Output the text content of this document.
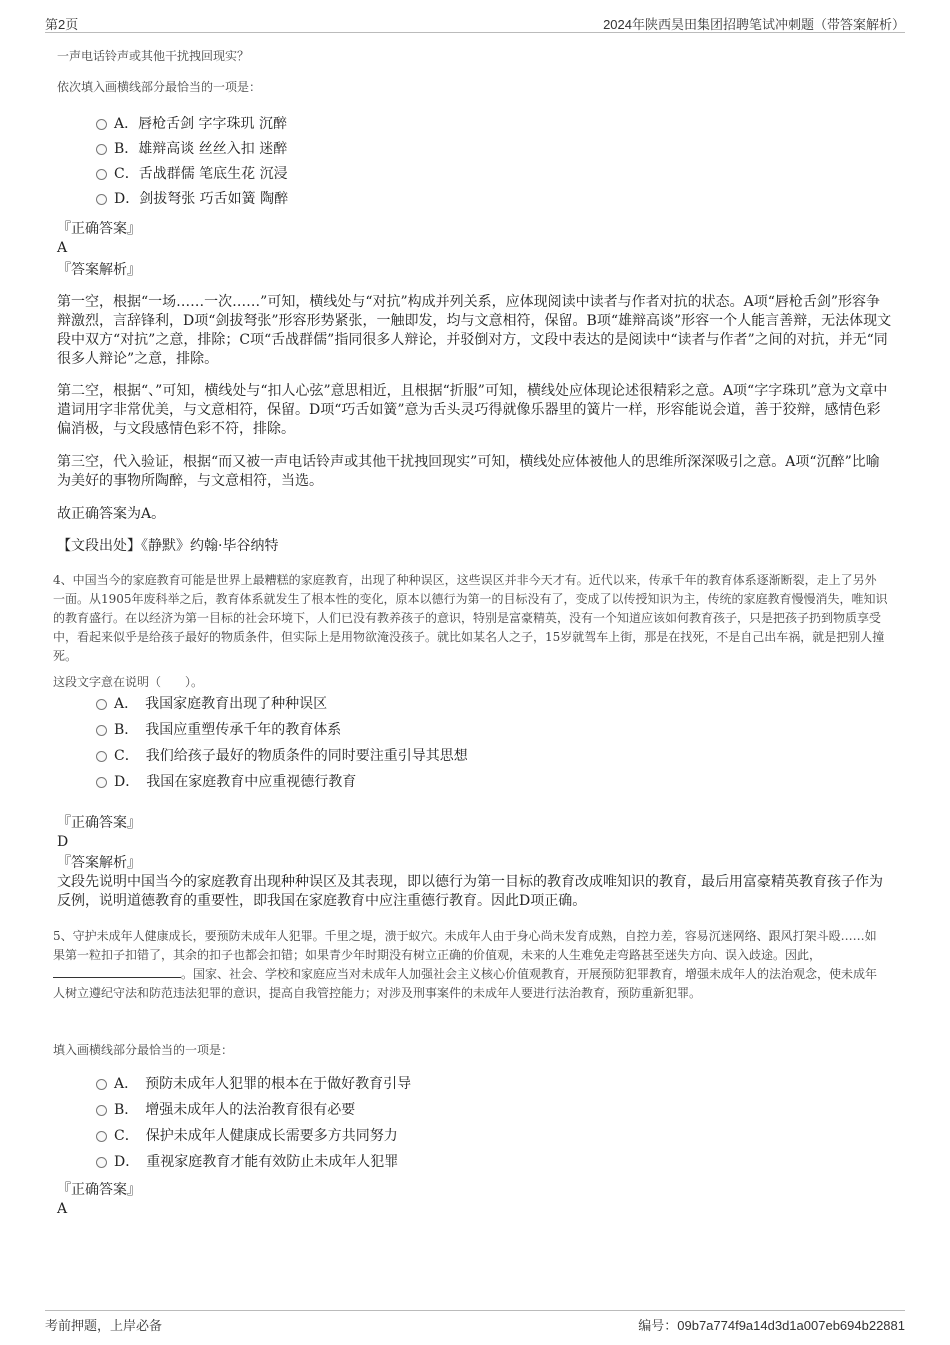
第2页	2024年陕西昊田集团招聘笔试冲刺题（带答案解析）
一声电话铃声或其他干扰拽回现实？
依次填入画横线部分最恰当的一项是：
A．唇枪舌剑 字字珠玑 沉醉
B．雄辩高谈 丝丝入扣 迷醉
C．舌战群儒 笔底生花 沉浸
D．剑拔弩张 巧舌如簧 陶醉
『正确答案』
A
『答案解析』
第一空，根据“一场……一次……”可知，横线处与“对抗”构成并列关系，应体现阅读中读者与作者对抗的状态。A项“唇枪舌剑”形容争辩激烈，言辞锋利，D项“剑拔弩张”形容形势紧张，一触即发，均与文意相符，保留。B项“雄辩高谈”形容一个人能言善辩，无法体现文段中双方“对抗”之意，排除；C项“舌战群儒”指同很多人辩论，并驳倒对方，文段中表达的是阅读中“读者与作者”之间的对抗，并无“同很多人辩论”之意，排除。
第二空，根据“、”可知，横线处与“扣人心弦”意思相近，且根据“折服”可知，横线处应体现论述很精彩之意。A项“字字珠玑”意为文章中遣词用字非常优美，与文意相符，保留。D项“巧舌如簧”意为舌头灵巧得就像乐器里的簧片一样，形容能说会道，善于狡辩，感情色彩偏消极，与文段感情色彩不符，排除。
第三空，代入验证，根据“而又被一声电话铃声或其他干扰拽回现实”可知，横线处应体被他人的思维所深深吸引之意。A项“沉醉”比喻为美好的事物所陶醉，与文意相符，当选。
故正确答案为A。
【文段出处】《静默》约翰·毕谷纳特
4、中国当今的家庭教育可能是世界上最糟糕的家庭教育，出现了种种误区，这些误区并非今天才有。近代以来，传承千年的教育体系逐渐断裂，走上了另外一面。从1905年废科举之后，教育体系就发生了根本性的变化，原本以德行为第一的目标没有了，变成了以传授知识为主，传统的家庭教育慢慢消失，唯知识的教育盛行。在以经济为第一目标的社会环境下，人们已没有教养孩子的意识，特别是富豪精英，没有一个知道应该如何教育孩子，只是把孩子扔到物质享受中，看起来似乎是给孩子最好的物质条件，但实际上是用物欲淹没孩子。就比如某名人之子，15岁就驾车上街，那是在找死，不是自己出车祸，就是把别人撞死。
这段文字意在说明（　　）。
A．　我国家庭教育出现了种种误区
B．　我国应重塑传承千年的教育体系
C．　我们给孩子最好的物质条件的同时要注重引导其思想
D．　我国在家庭教育中应重视德行教育
『正确答案』
D
『答案解析』
文段先说明中国当今的家庭教育出现种种误区及其表现，即以德行为第一目标的教育改成唯知识的教育，最后用富豪精英教育孩子作为反例，说明道德教育的重要性，即我国在家庭教育中应注重德行教育。因此D项正确。
5、守护未成年人健康成长，要预防未成年人犯罪。千里之堤，溃于蚁穴。未成年人由于身心尚未发育成熟，自控力差，容易沉迷网络、跟风打架斗殴……如果第一粒扣子扣错了，其余的扣子也都会扣错；如果青少年时期没有树立正确的价值观，未来的人生难免走弯路甚至迷失方向、误入歧途。因此，。国家、社会、学校和家庭应当对未成年人加强社会主义核心价值观教育，开展预防犯罪教育，增强未成年人的法治观念，使未成年人树立遵纪守法和防范违法犯罪的意识，提高自我管控能力；对涉及刑事案件的未成年人要进行法治教育，预防重新犯罪。
填入画横线部分最恰当的一项是：
A．　预防未成年人犯罪的根本在于做好教育引导
B．　增强未成年人的法治教育很有必要
C．　保护未成年人健康成长需要多方共同努力
D．　重视家庭教育才能有效防止未成年人犯罪
『正确答案』
A
考前押题，上岸必备	编号：09b7a774f9a14d3d1a007eb694b22881
